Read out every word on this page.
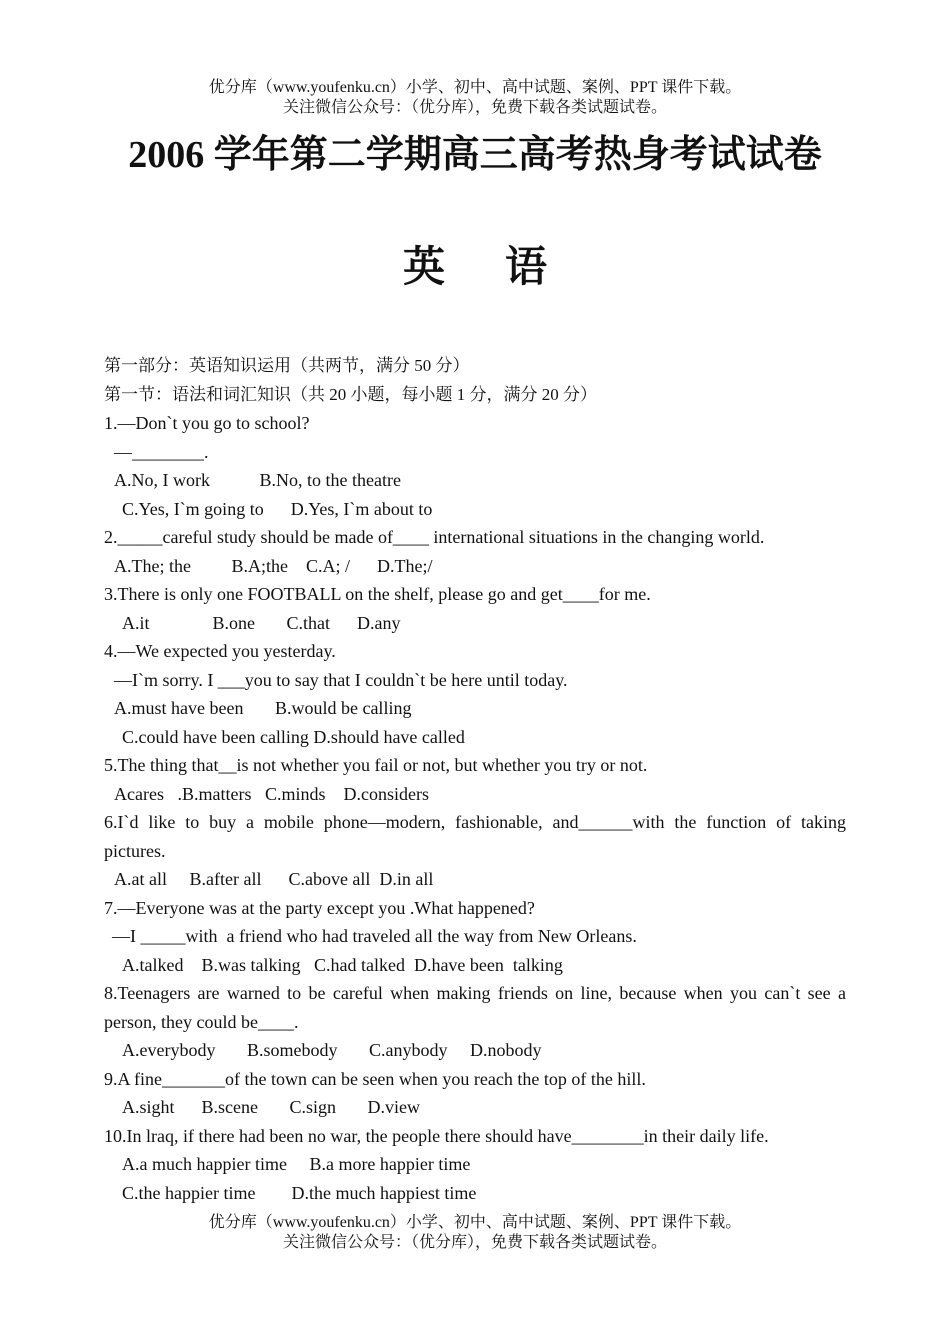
优分库（www.youfenku.cn）小学、初中、高中试题、案例、PPT 课件下载。
关注微信公众号：（优分库），免费下载各类试题试卷。
2006 学年第二学期高三高考热身考试试卷
英 语
第一部分：英语知识运用（共两节，满分 50 分）
第一节：语法和词汇知识（共 20 小题，每小题 1 分，满分 20 分）
1.—Don`t you go to school?
—________.
A.No, I work           B.No, to the theatre
C.Yes, I`m going to      D.Yes, I`m about to
2._____careful study should be made of____ international situations in the changing world.
A.The; the         B.A;the    C.A; /      D.The;/
3.There is only one FOOTBALL on the shelf, please go and get____for me.
A.it              B.one       C.that      D.any
4.—We expected you yesterday.
—I`m sorry. I ___you to say that I couldn`t be here until today.
A.must have been       B.would be calling
C.could have been calling D.should have called
5.The thing that__is not whether you fail or not, but whether you try or not.
Acares   .B.matters   C.minds    D.considers
6.I`d like to buy a mobile phone—modern, fashionable, and______with the function of taking pictures.
A.at all     B.after all      C.above all  D.in all
7.—Everyone was at the party except you .What happened?
—I _____with  a friend who had traveled all the way from New Orleans.
A.talked    B.was talking   C.had talked  D.have been  talking
8.Teenagers are warned to be careful when making friends on line, because when you can`t see a person, they could be____.
A.everybody       B.somebody       C.anybody     D.nobody
9.A fine_______of the town can be seen when you reach the top of the hill.
A.sight      B.scene       C.sign       D.view
10.In lraq, if there had been no war, the people there should have________in their daily life.
A.a much happier time     B.a more happier time
C.the happier time        D.the much happiest time
优分库（www.youfenku.cn）小学、初中、高中试题、案例、PPT 课件下载。
关注微信公众号：（优分库），免费下载各类试题试卷。
